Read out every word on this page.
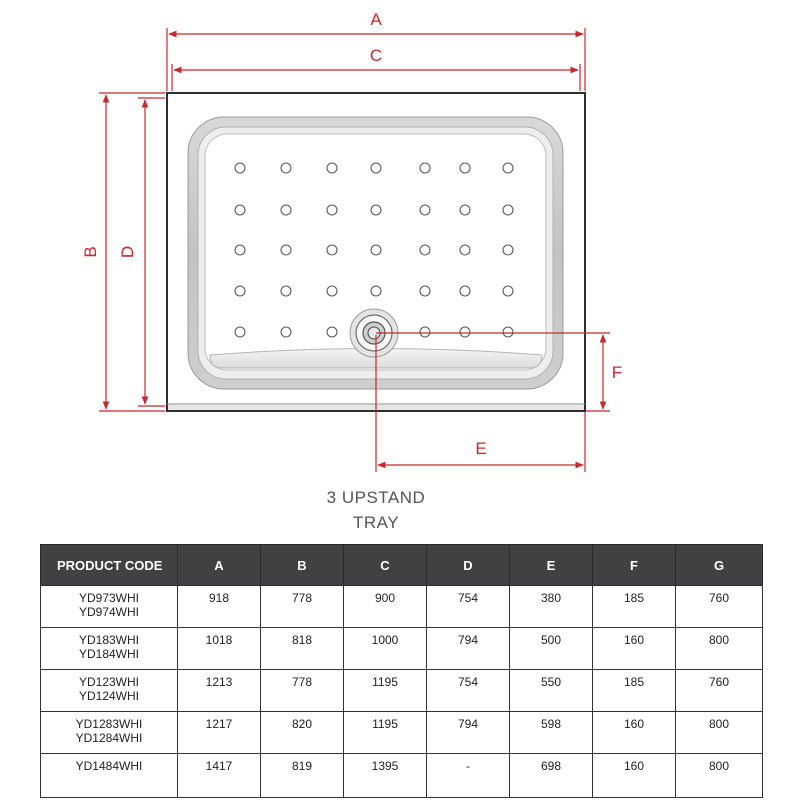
A
C
B D
E
F
3 UPSTAND
TRAY
PRODUCT CODE	A	B	C	D	E	F	G

YD973WHI
YD974WHI	918	778	900	754	380	185	760

YD183WHI
YD184WHI	1018	818	1000	794	500	160	800

YD123WHI
YD124WHI	1213	778	1195	754	550	185	760

YD1283WHI
YD1284WHI	1217	820	1195	794	598	160	800

YD1484WHI	1417	819	1395	-	698	160	800
